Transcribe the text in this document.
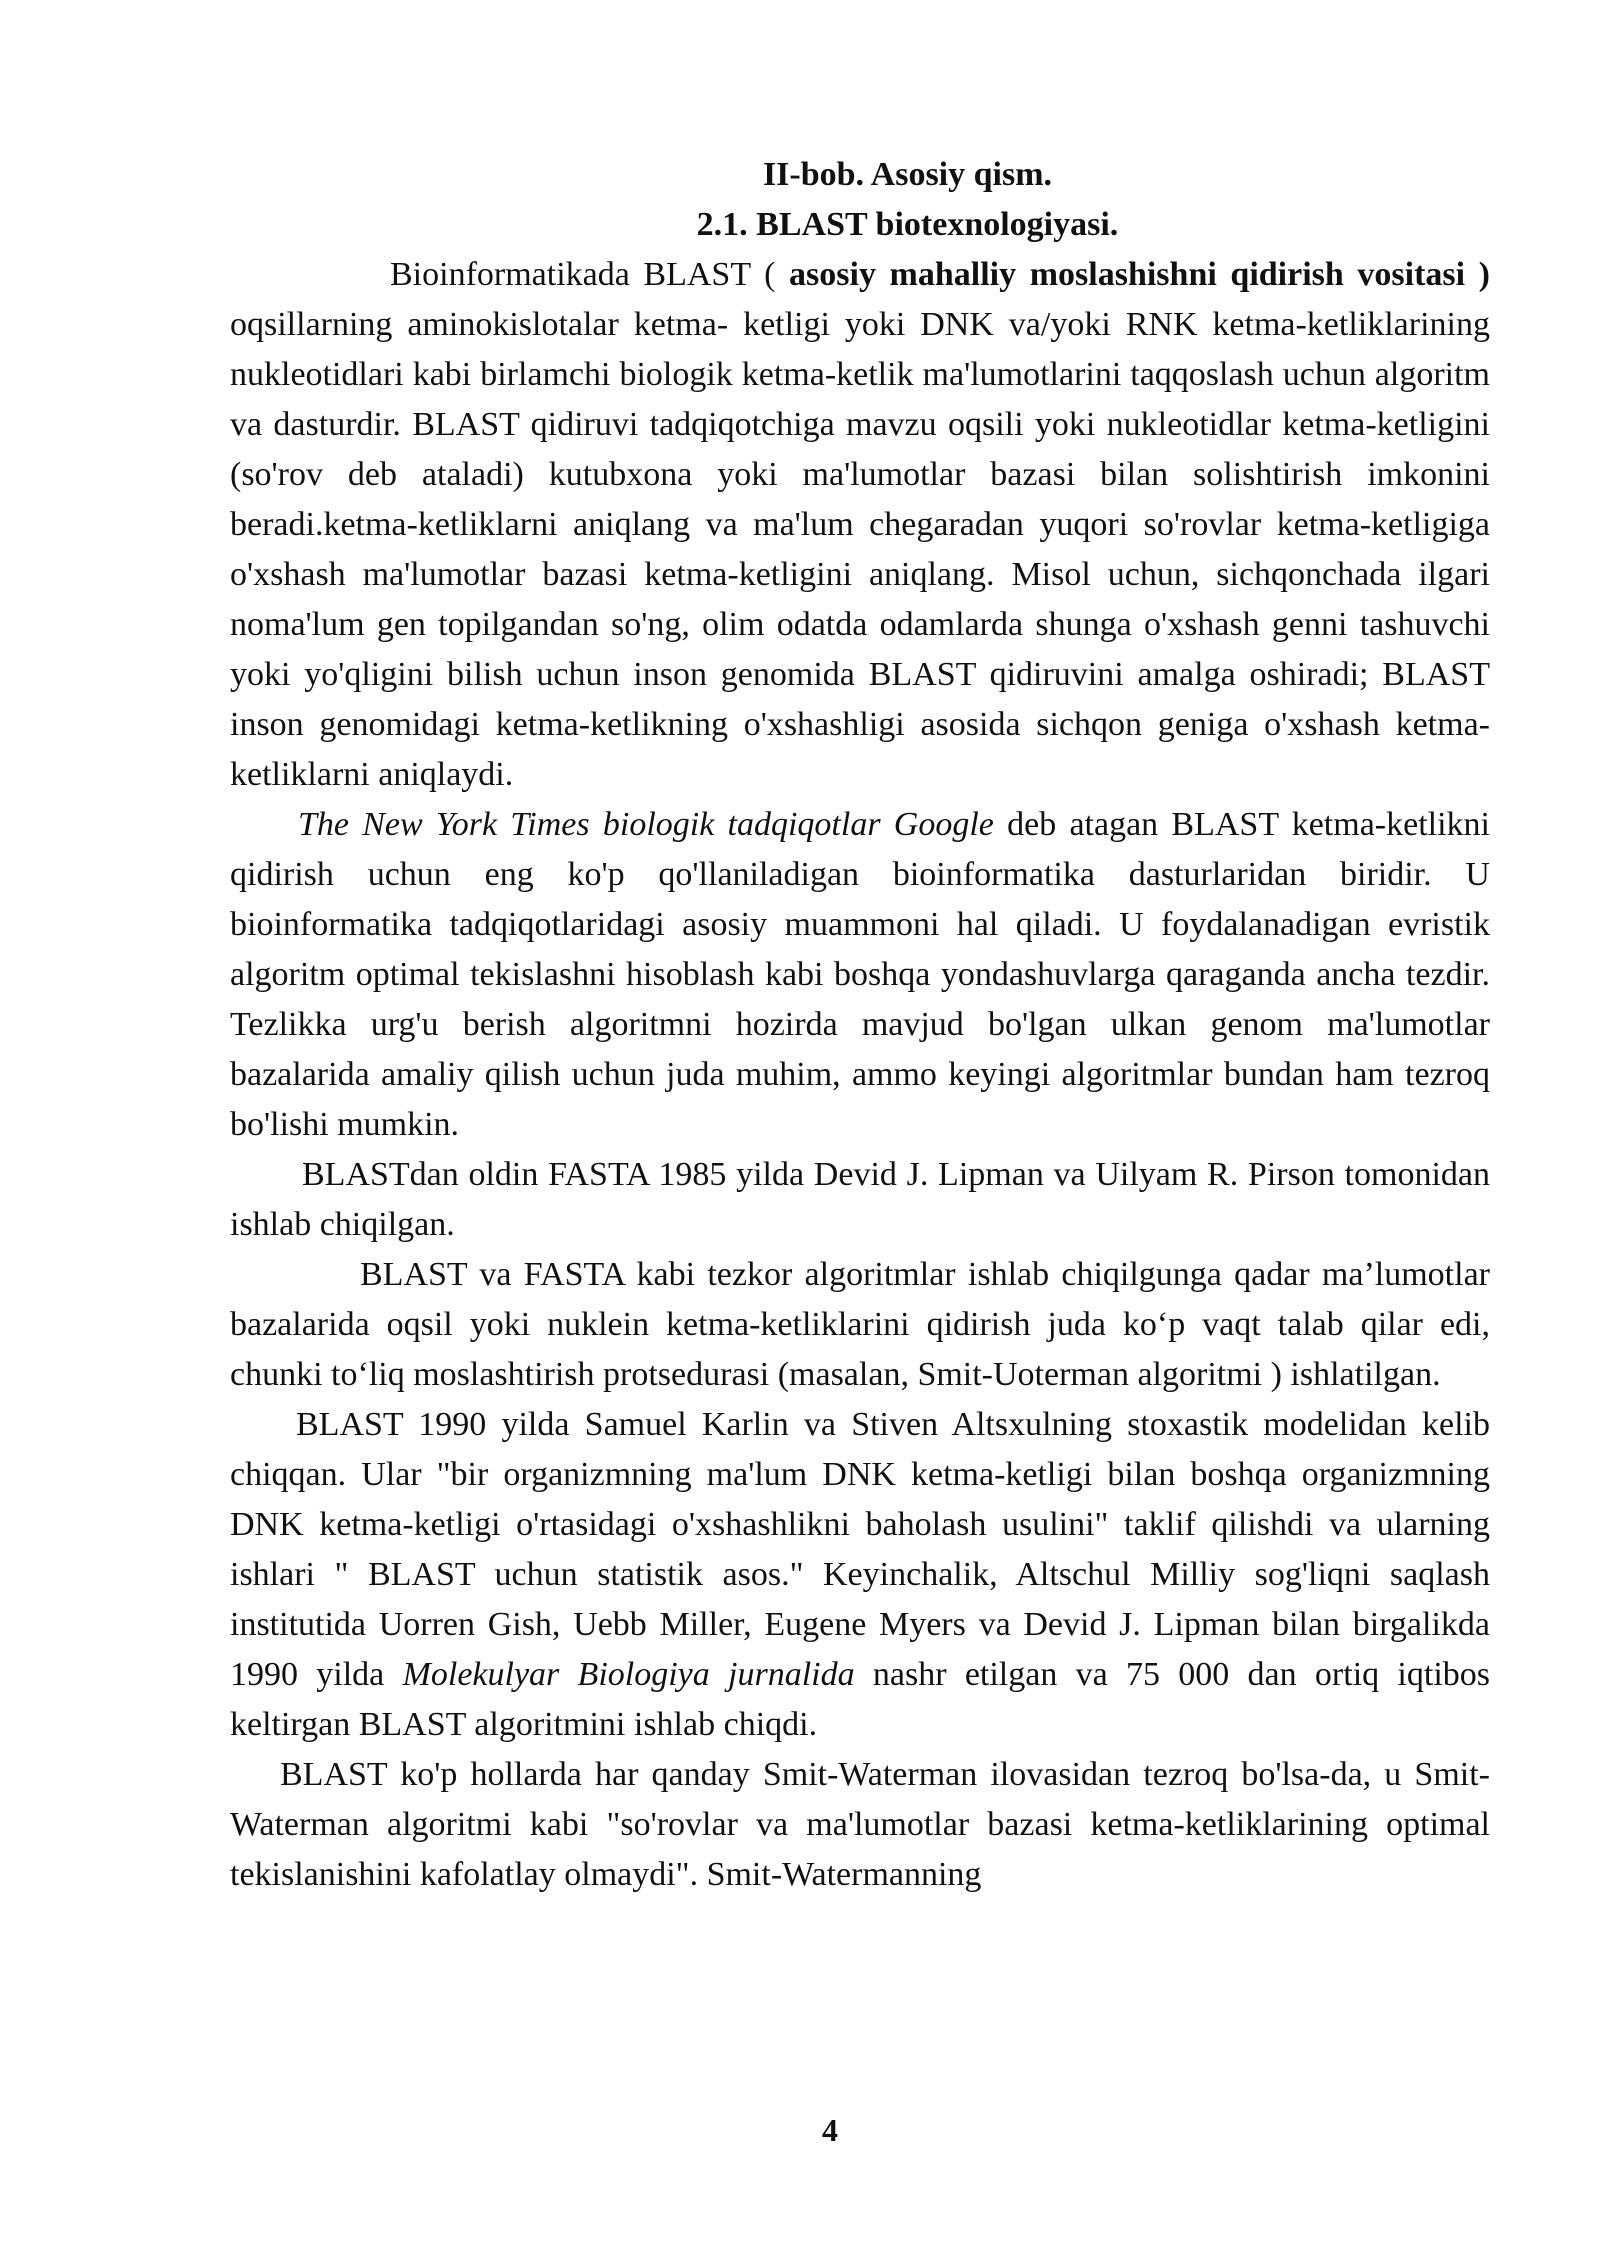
II-bob. Asosiy qism.
2.1. BLAST biotexnologiyasi.

Bioinformatikada BLAST ( asosiy mahalliy moslashishni qidirish vositasi ) oqsillarning aminokislotalar ketma- ketligi yoki DNK va/yoki RNK ketma-ketliklarining nukleotidlari kabi birlamchi biologik ketma-ketlik ma'lumotlarini taqqoslash uchun algoritm va dasturdir. BLAST qidiruvi tadqiqotchiga mavzu oqsili yoki nukleotidlar ketma-ketligini (so'rov deb ataladi) kutubxona yoki ma'lumotlar bazasi bilan solishtirish imkonini beradi.ketma-ketliklarni aniqlang va ma'lum chegaradan yuqori so'rovlar ketma-ketligiga o'xshash ma'lumotlar bazasi ketma-ketligini aniqlang. Misol uchun, sichqonchada ilgari noma'lum gen topilgandan so'ng, olim odatda odamlarda shunga o'xshash genni tashuvchi yoki yo'qligini bilish uchun inson genomida BLAST qidiruvini amalga oshiradi; BLAST inson genomidagi ketma-ketlikning o'xshashligi asosida sichqon geniga o'xshash ketma-ketliklarni aniqlaydi.

The New York Times biologik tadqiqotlar Google deb atagan BLAST ketma-ketlikni qidirish uchun eng ko'p qo'llaniladigan bioinformatika dasturlaridan biridir. U bioinformatika tadqiqotlaridagi asosiy muammoni hal qiladi. U foydalanadigan evristik algoritm optimal tekislashni hisoblash kabi boshqa yondashuvlarga qaraganda ancha tezdir. Tezlikka urg'u berish algoritmni hozirda mavjud bo'lgan ulkan genom ma'lumotlar bazalarida amaliy qilish uchun juda muhim, ammo keyingi algoritmlar bundan ham tezroq bo'lishi mumkin.

BLASTdan oldin FASTA 1985 yilda Devid J. Lipman va Uilyam R. Pirson tomonidan ishlab chiqilgan.

BLAST va FASTA kabi tezkor algoritmlar ishlab chiqilgunga qadar ma’lumotlar bazalarida oqsil yoki nuklein ketma-ketliklarini qidirish juda ko‘p vaqt talab qilar edi, chunki to‘liq moslashtirish protsedurasi (masalan, Smit-Uoterman algoritmi ) ishlatilgan.

BLAST 1990 yilda Samuel Karlin va Stiven Altsxulning stoxastik modelidan kelib chiqqan. Ular "bir organizmning ma'lum DNK ketma-ketligi bilan boshqa organizmning DNK ketma-ketligi o'rtasidagi o'xshashlikni baholash usulini" taklif qilishdi va ularning ishlari " BLAST uchun statistik asos." Keyinchalik, Altschul Milliy sog'liqni saqlash institutida Uorren Gish, Uebb Miller, Eugene Myers va Devid J. Lipman bilan birgalikda 1990 yilda Molekulyar Biologiya jurnalida nashr etilgan va 75 000 dan ortiq iqtibos keltirgan BLAST algoritmini ishlab chiqdi.

BLAST ko'p hollarda har qanday Smit-Waterman ilovasidan tezroq bo'lsa-da, u Smit-Waterman algoritmi kabi "so'rovlar va ma'lumotlar bazasi ketma-ketliklarining optimal tekislanishini kafolatlay olmaydi". Smit-Watermanning

4
